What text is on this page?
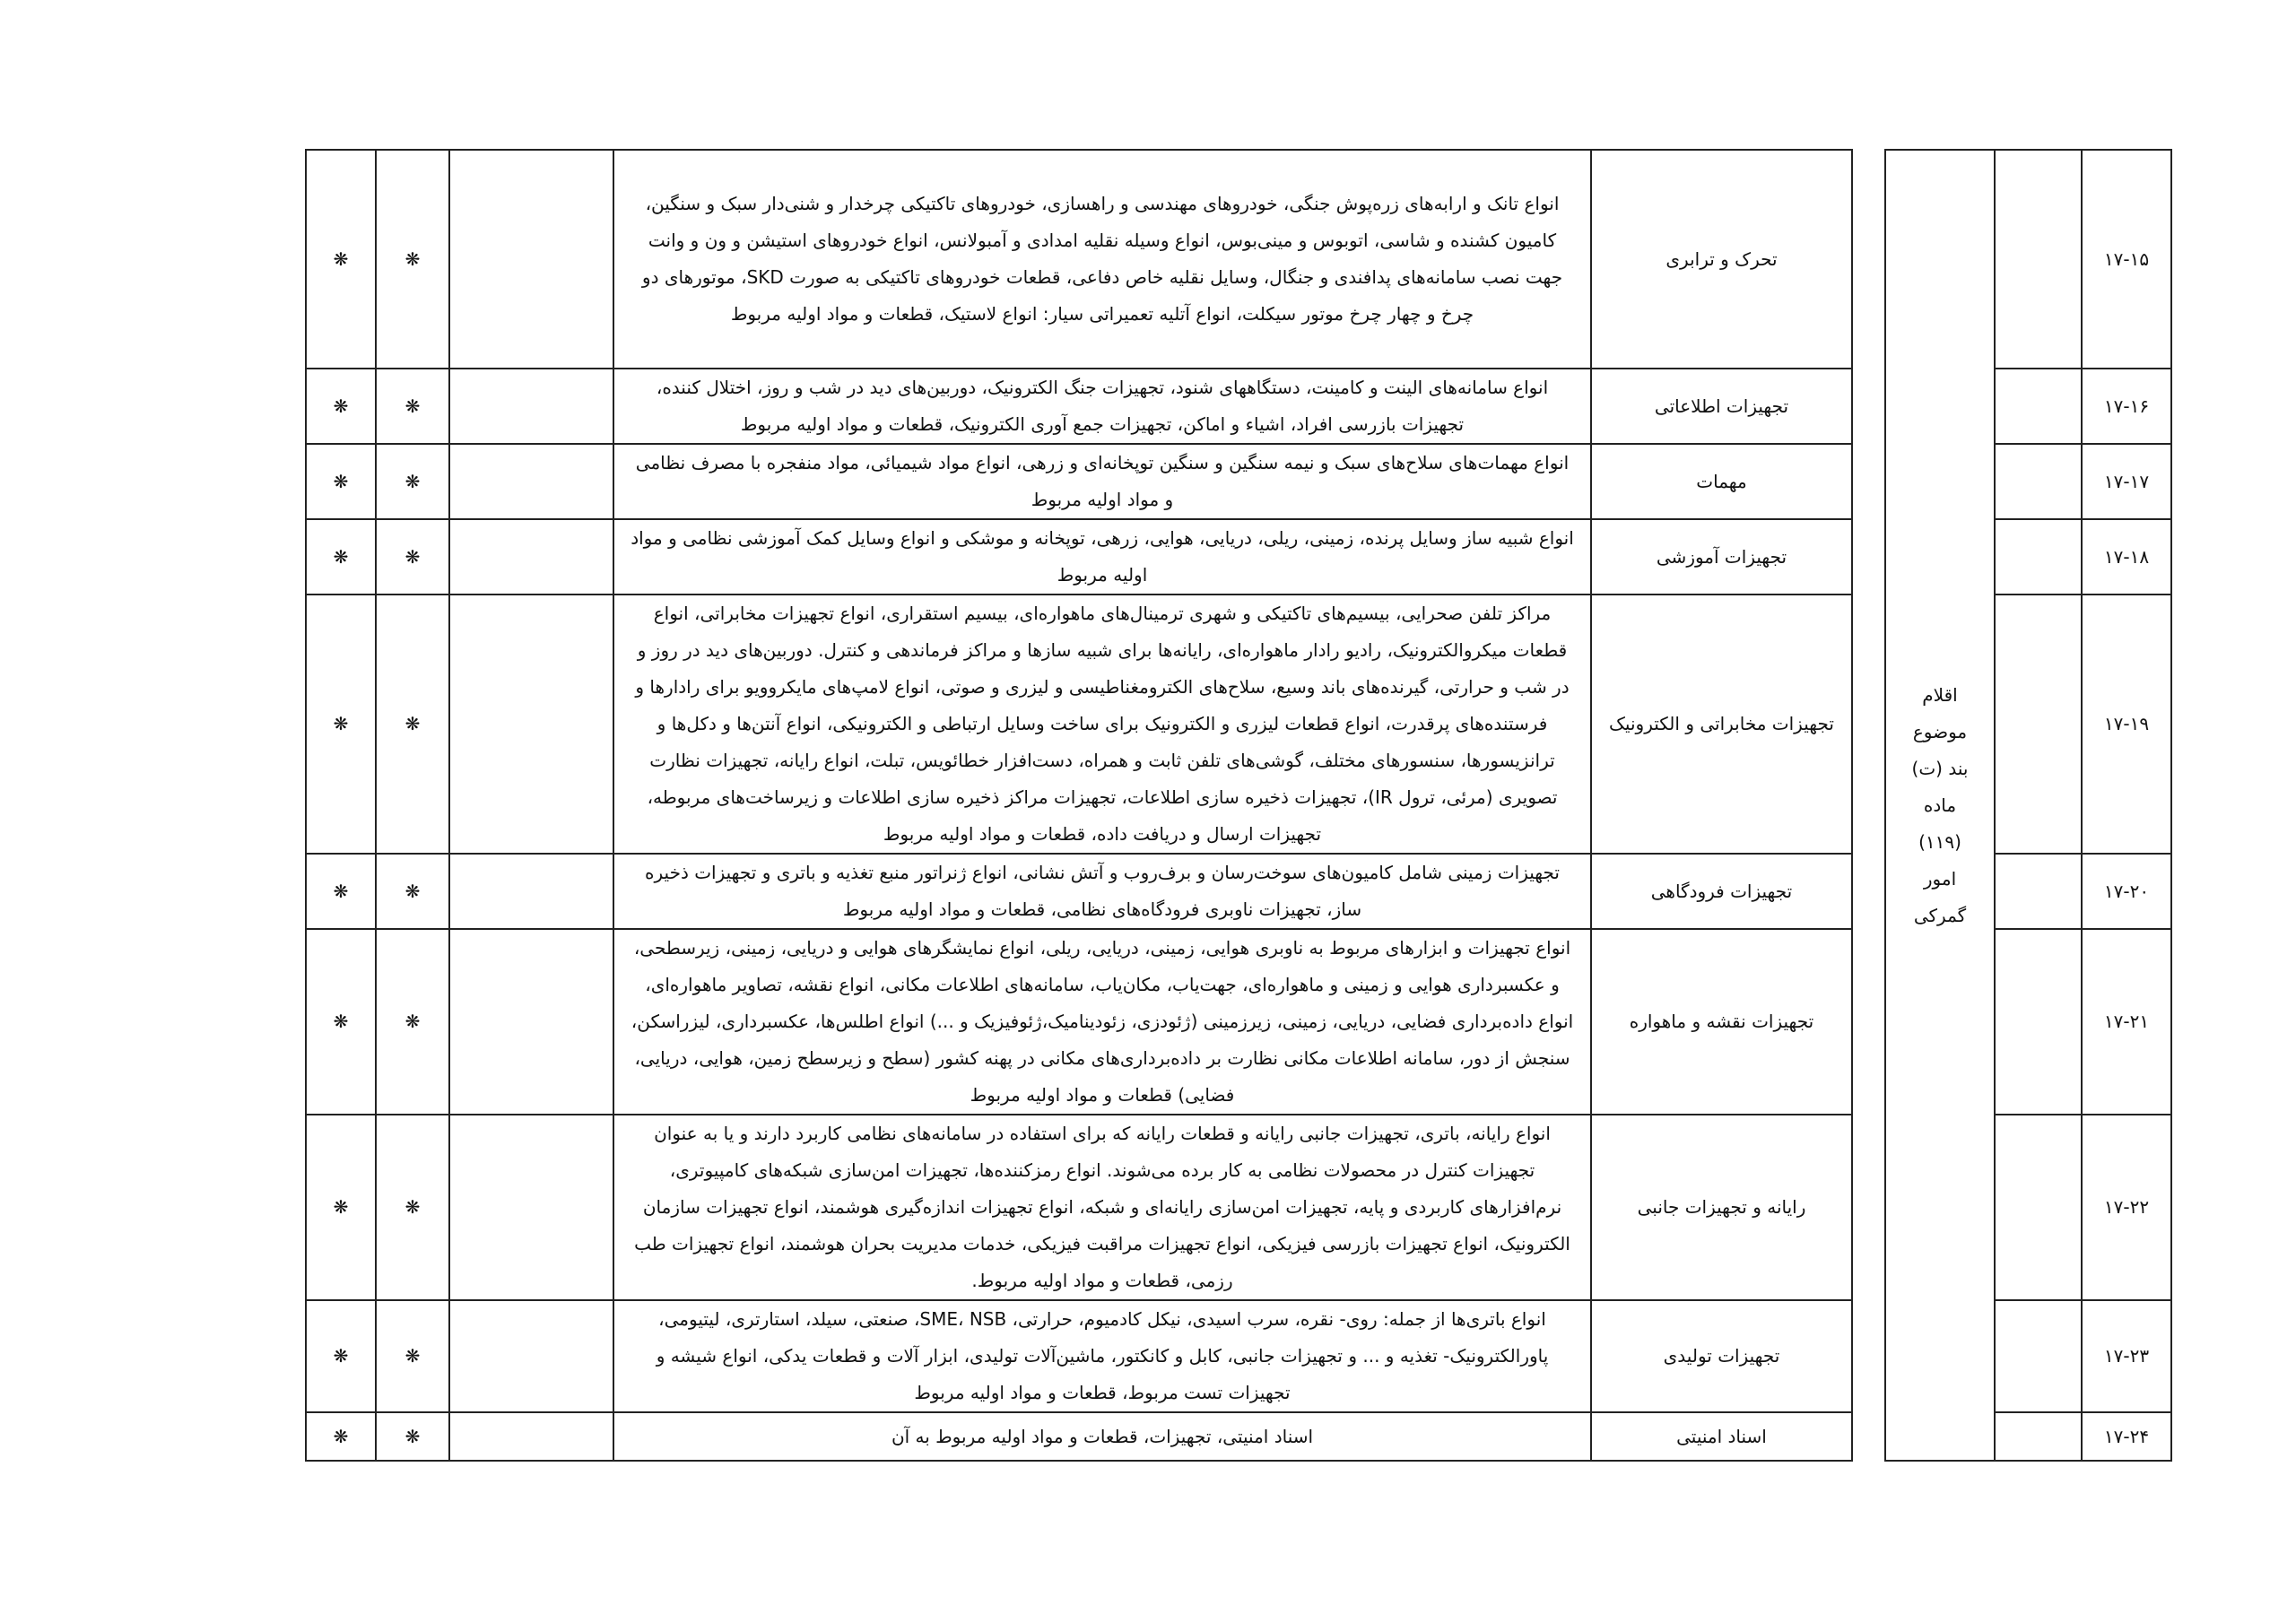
۱۷-۱۵		اقلام موضوع بند (ت) ماده (۱۱۹) امور گمرکی		تحرک و ترابری	انواع تانک و ارابه‌های زره‌پوش جنگی، خودروهای مهندسی و راهسازی، خودروهای تاکتیکی چرخدار و شنی‌دار سبک و سنگین، کامیون کشنده و شاسی، اتوبوس و مینی‌بوس، انواع وسیله نقلیه امدادی و آمبولانس، انواع خودروهای استیشن و ون و وانت جهت نصب سامانه‌های پدافندی و جنگال، وسایل نقلیه خاص دفاعی، قطعات خودروهای تاکتیکی به صورت SKD، موتورهای دو چرخ و چهار چرخ موتور سیکلت، انواع آتلیه تعمیراتی سیار: انواع لاستیک، قطعات و مواد اولیه مربوط		❋	❋
۱۷-۱۶				تجهیزات اطلاعاتی	انواع سامانه‌های الینت و کامینت، دستگاههای شنود، تجهیزات جنگ الکترونیک، دوربین‌های دید در شب و روز، اختلال کننده، تجهیزات بازرسی افراد، اشیاء و اماکن، تجهیزات جمع آوری الکترونیک، قطعات و مواد اولیه مربوط		❋	❋
۱۷-۱۷				مهمات	انواع مهمات‌های سلاح‌های سبک و نیمه سنگین و سنگین توپخانه‌ای و زرهی، انواع مواد شیمیائی، مواد منفجره با مصرف نظامی و مواد اولیه مربوط		❋	❋
۱۷-۱۸				تجهیزات آموزشی	انواع شبیه ساز وسایل پرنده، زمینی، ریلی، دریایی، هوایی، زرهی، توپخانه و موشکی و انواع وسایل کمک آموزشی نظامی و مواد اولیه مربوط		❋	❋
۱۷-۱۹				تجهیزات مخابراتی و الکترونیک	مراکز تلفن صحرایی، بیسیم‌های تاکتیکی و شهری ترمینال‌های ماهواره‌ای، بیسیم استقراری، انواع تجهیزات مخابراتی، انواع قطعات میکروالکترونیک، رادیو رادار ماهواره‌ای، رایانه‌ها برای شبیه سازها و مراکز فرماندهی و کنترل. دوربین‌های دید در روز و در شب و حرارتی، گیرنده‌های باند وسیع، سلاح‌های الکترومغناطیسی و لیزری و صوتی، انواع لامپ‌های مایکروویو برای رادارها و فرستنده‌های پرقدرت، انواع قطعات لیزری و الکترونیک برای ساخت وسایل ارتباطی و الکترونیکی، انواع آنتن‌ها و دکل‌ها و ترانزیسورها، سنسورهای مختلف، گوشی‌های تلفن ثابت و همراه، دست‌افزار خطائویس، تبلت، انواع رایانه، تجهیزات نظارت تصویری (مرئی، ترول IR)، تجهیزات ذخیره سازی اطلاعات، تجهیزات مراکز ذخیره سازی اطلاعات و زیرساخت‌های مربوطه، تجهیزات ارسال و دریافت داده، قطعات و مواد اولیه مربوط		❋	❋
۱۷-۲۰				تجهیزات فرودگاهی	تجهیزات زمینی شامل کامیون‌های سوخت‌رسان و برف‌روب و آتش نشانی، انواع ژنراتور منبع تغذیه و باتری و تجهیزات ذخیره ساز، تجهیزات ناوبری فرودگاه‌های نظامی، قطعات و مواد اولیه مربوط		❋	❋
۱۷-۲۱				تجهیزات نقشه و ماهواره	انواع تجهیزات و ابزارهای مربوط به ناوبری هوایی، زمینی، دریایی، ریلی، انواع نمایشگرهای هوایی و دریایی، زمینی، زیرسطحی، و عکسبرداری هوایی و زمینی و ماهواره‌ای، جهت‌یاب، مکان‌یاب، سامانه‌های اطلاعات مکانی، انواع نقشه، تصاویر ماهواره‌ای، انواع داده‌برداری فضایی، دریایی، زمینی، زیرزمینی (ژئودزی، زئودینامیک،ژئوفیزیک و ...) انواع اطلس‌ها، عکسبرداری، لیزراسکن، سنجش از دور، سامانه اطلاعات مکانی نظارت بر داده‌برداری‌های مکانی در پهنه کشور (سطح و زیرسطح زمین، هوایی، دریایی، فضایی) قطعات و مواد اولیه مربوط		❋	❋
۱۷-۲۲				رایانه و تجهیزات جانبی	انواع رایانه، باتری، تجهیزات جانبی رایانه و قطعات رایانه که برای استفاده در سامانه‌های نظامی کاربرد دارند و یا به عنوان تجهیزات کنترل در محصولات نظامی به کار برده می‌شوند. انواع رمزکننده‌ها، تجهیزات امن‌سازی شبکه‌های کامپیوتری، نرم‌افزارهای کاربردی و پایه، تجهیزات امن‌سازی رایانه‌ای و شبکه، انواع تجهیزات اندازه‌گیری هوشمند، انواع تجهیزات سازمان الکترونیک، انواع تجهیزات بازرسی فیزیکی، انواع تجهیزات مراقبت فیزیکی، خدمات مدیریت بحران هوشمند، انواع تجهیزات طب رزمی، قطعات و مواد اولیه مربوط.		❋	❋
۱۷-۲۳				تجهیزات تولیدی	انواع باتری‌ها از جمله: روی- نقره، سرب اسیدی، نیکل کادمیوم، حرارتی، SME، NSB، صنعتی، سیلد، استارتری، لیتیومی، پاورالکترونیک- تغذیه و ... و تجهیزات جانبی، کابل و کانکتور، ماشین‌آلات تولیدی، ابزار آلات و قطعات یدکی، انواع شیشه و تجهیزات تست مربوط، قطعات و مواد اولیه مربوط		❋	❋
۱۷-۲۴				اسناد امنیتی	اسناد امنیتی، تجهیزات، قطعات و مواد اولیه مربوط به آن		❋	❋
